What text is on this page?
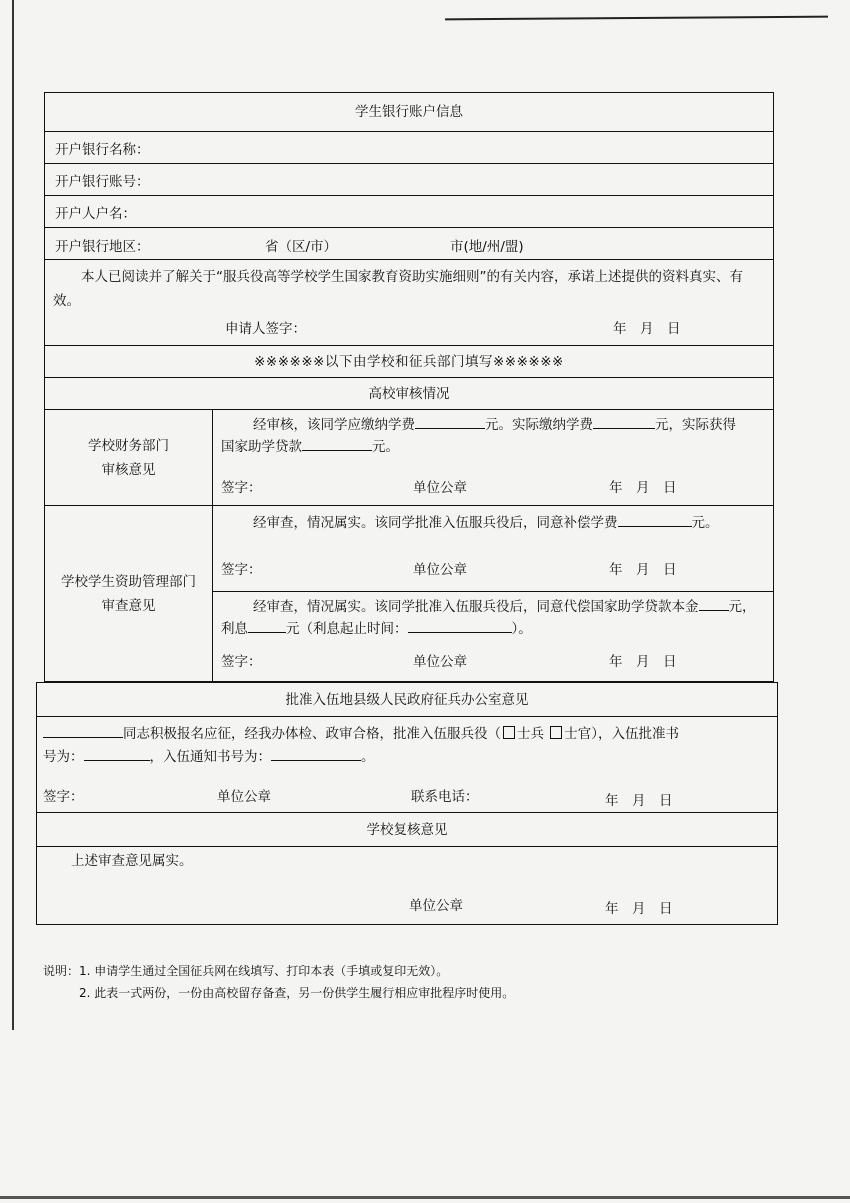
学生银行账户信息
开户银行名称：
开户银行账号：
开户人户名：
开户银行地区：	省（区/市）	市(地/州/盟)
本人已阅读并了解关于“服兵役高等学校学生国家教育资助实施细则”的有关内容，承诺上述提供的资料真实、有效。
申请人签字：	年　月　日
※※※※※※以下由学校和征兵部门填写※※※※※※
高校审核情况
学校财务部门
审核意见
经审核，该同学应缴纳学费	元。实际缴纳学费	元，实际获得
国家助学贷款	元。
签字：	单位公章	年　月　日
学校学生资助管理部门
审查意见
经审查，情况属实。该同学批准入伍服兵役后，同意补偿学费	元。
签字：	单位公章	年　月　日
经审查，情况属实。该同学批准入伍服兵役后，同意代偿国家助学贷款本金 元，
利息	元（利息起止时间：	）。
签字：	单位公章	年　月　日
批准入伍地县级人民政府征兵办公室意见
同志积极报名应征，经我办体检、政审合格，批准入伍服兵役（ 士兵 士官），入伍批准书
号为：	，入伍通知书号为：	。
签字：	单位公章	联系电话：	年　月　日
学校复核意见
上述审查意见属实。
单位公章	年　月　日
说明：1. 申请学生通过全国征兵网在线填写、打印本表（手填或复印无效）。
2. 此表一式两份，一份由高校留存备查，另一份供学生履行相应审批程序时使用。
